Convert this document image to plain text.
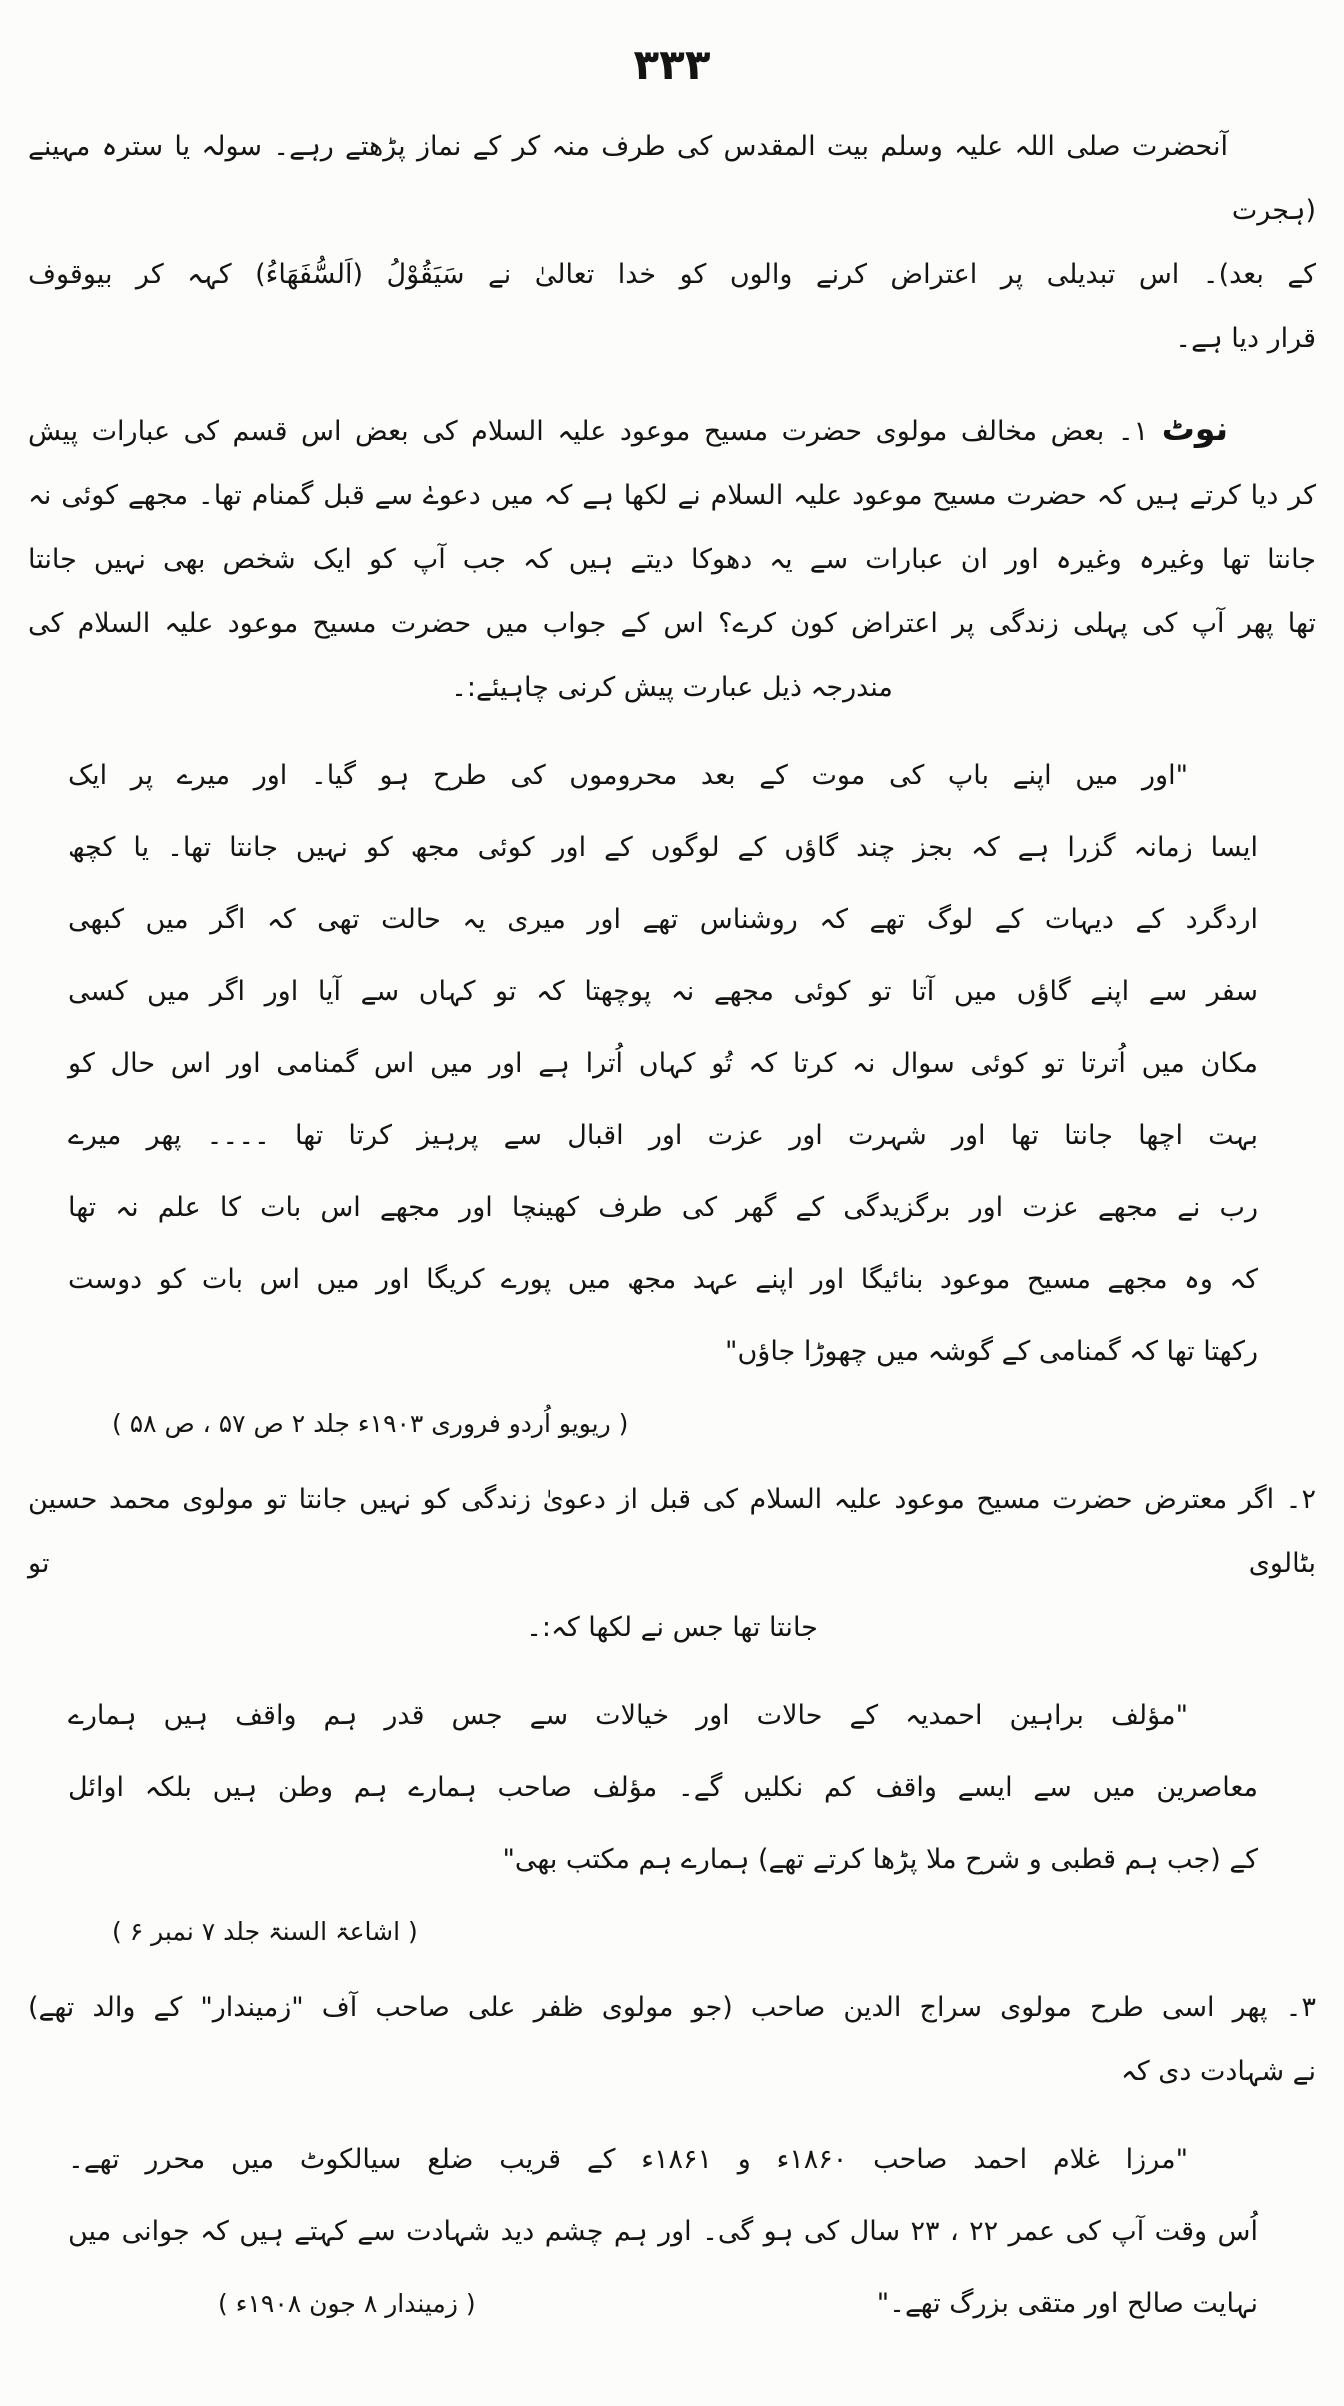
۳۳۳
آنحضرت صلی اللہ علیہ وسلم بیت المقدس کی طرف منہ کر کے نماز پڑھتے رہے۔ سولہ یا سترہ مہینے (ہجرت
کے بعد)۔ اس تبدیلی پر اعتراض کرنے والوں کو خدا تعالیٰ نے سَیَقُوْلُ (اَلسُّفَهَاءُ) کہہ کر بیوقوف
قرار دیا ہے۔
نوٹ ۱۔ بعض مخالف مولوی حضرت مسیح موعود علیہ السلام کی بعض اس قسم کی عبارات پیش
کر دیا کرتے ہیں کہ حضرت مسیح موعود علیہ السلام نے لکھا ہے کہ میں دعوےٰ سے قبل گمنام تھا۔ مجھے کوئی نہ
جانتا تھا وغیرہ وغیرہ اور ان عبارات سے یہ دھوکا دیتے ہیں کہ جب آپ کو ایک شخص بھی نہیں جانتا
تھا پھر آپ کی پہلی زندگی پر اعتراض کون کرے؟ اس کے جواب میں حضرت مسیح موعود علیہ السلام کی
مندرجہ ذیل عبارت پیش کرنی چاہیئے:۔
"اور میں اپنے باپ کی موت کے بعد محروموں کی طرح ہو گیا۔ اور میرے پر ایک
ایسا زمانہ گزرا ہے کہ بجز چند گاؤں کے لوگوں کے اور کوئی مجھ کو نہیں جانتا تھا۔ یا کچھ
اردگرد کے دیہات کے لوگ تھے کہ روشناس تھے اور میری یہ حالت تھی کہ اگر میں کبھی
سفر سے اپنے گاؤں میں آتا تو کوئی مجھے نہ پوچھتا کہ تو کہاں سے آیا اور اگر میں کسی
مکان میں اُترتا تو کوئی سوال نہ کرتا کہ تُو کہاں اُترا ہے اور میں اس گمنامی اور اس حال کو
بہت اچھا جانتا تھا اور شہرت اور عزت اور اقبال سے پرہیز کرتا تھا ۔۔۔۔ پھر میرے
رب نے مجھے عزت اور برگزیدگی کے گھر کی طرف کھینچا اور مجھے اس بات کا علم نہ تھا
کہ وہ مجھے مسیح موعود بنائیگا اور اپنے عہد مجھ میں پورے کریگا اور میں اس بات کو دوست
رکھتا تھا کہ گمنامی کے گوشہ میں چھوڑا جاؤں"
( ریویو اُردو فروری ۱۹۰۳ء جلد ۲ ص ۵۷ ، ص ۵۸ )
۲۔ اگر معترض حضرت مسیح موعود علیہ السلام کی قبل از دعویٰ زندگی کو نہیں جانتا تو مولوی محمد حسین بٹالوی تو
جانتا تھا جس نے لکھا کہ:۔
"مؤلف براہین احمدیہ کے حالات اور خیالات سے جس قدر ہم واقف ہیں ہمارے
معاصرین میں سے ایسے واقف کم نکلیں گے۔ مؤلف صاحب ہمارے ہم وطن ہیں بلکہ اوائل
کے (جب ہم قطبی و شرح ملا پڑھا کرتے تھے) ہمارے ہم مکتب بھی"
( اشاعۃ السنۃ جلد ۷ نمبر ۶ )
۳۔ پھر اسی طرح مولوی سراج الدین صاحب (جو مولوی ظفر علی صاحب آف "زمیندار" کے والد تھے)
نے شہادت دی کہ
"مرزا غلام احمد صاحب ۱۸۶۰ء و ۱۸۶۱ء کے قریب ضلع سیالکوٹ میں محرر تھے۔
اُس وقت آپ کی عمر ۲۲ ، ۲۳ سال کی ہو گی۔ اور ہم چشم دید شہادت سے کہتے ہیں کہ جوانی میں
نہایت صالح اور متقی بزرگ تھے۔"
( زمیندار ۸ جون ۱۹۰۸ء )
